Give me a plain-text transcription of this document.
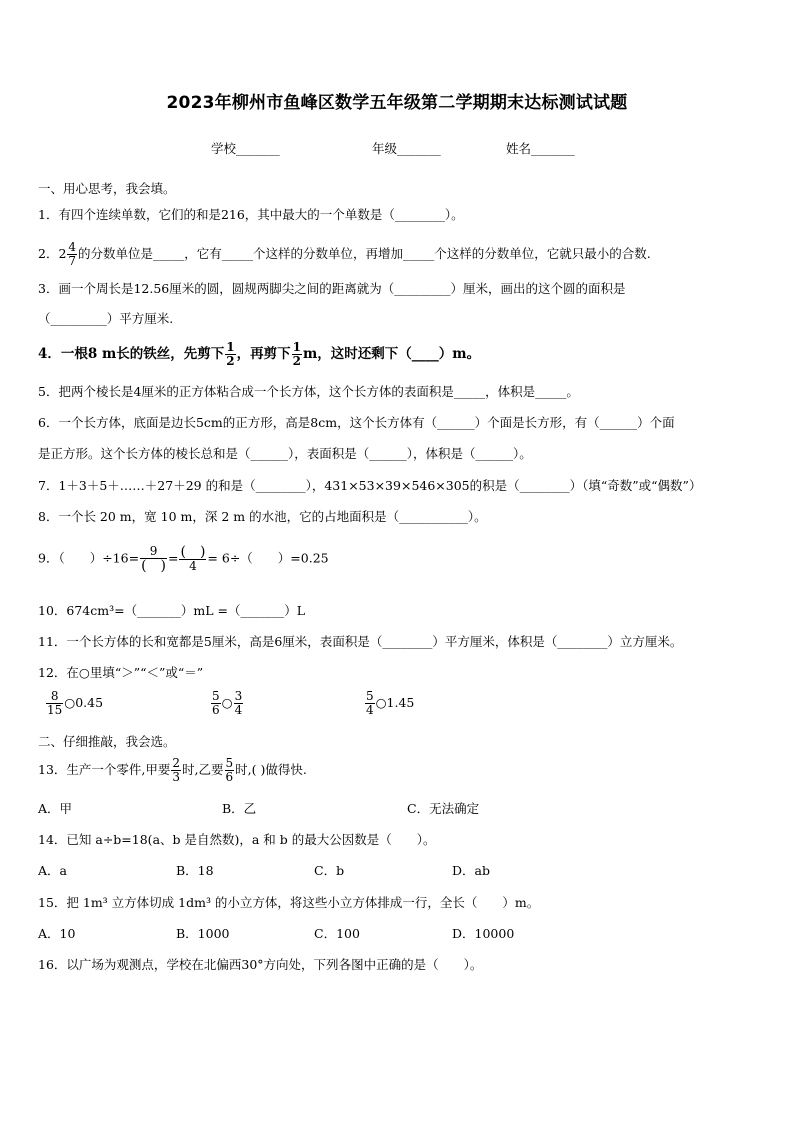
2023年柳州市鱼峰区数学五年级第二学期期末达标测试试题
学校_______	年级_______	姓名_______
一、用心思考，我会填。
1．有四个连续单数，它们的和是216，其中最大的一个单数是（________）。
2．$2 \frac{4}{7}$ 的分数单位是_____，它有_____个这样的分数单位，再增加_____个这样的分数单位，它就只最小的合数.
3．画一个周长是12.56厘米的圆，圆规两脚尖之间的距离就为（_________）厘米，画出的这个圆的面积是
（_________）平方厘米.
4．一根8 m长的铁丝，先剪下 $\frac{1}{2}$ ，再剪下 $\frac{1}{2}$ m，这时还剩下（____）m。
5．把两个棱长是4厘米的正方体粘合成一个长方体，这个长方体的表面积是_____，体积是_____。
6．一个长方体，底面是边长5cm的正方形，高是8cm，这个长方体有（______）个面是长方形，有（______）个面
是正方形。这个长方体的棱长总和是（______），表面积是（______），体积是（______）。
7．1＋3＋5＋……＋27＋29 的和是（________），431×53×39×546×305的积是（________）（填“奇数”或“偶数”）
8．一个长 20 m，宽 10 m，深 2 m 的水池，它的占地面积是（___________）。
9．（　　）$\div 16= \frac{9}{( )} = \frac{( )}{4} = 6\div$（　　）=0.25
10．674cm³=（_______）mL =（_______）L
11．一个长方体的长和宽都是5厘米，高是6厘米，表面积是（________）平方厘米，体积是（________）立方厘米。
12．在○里填“＞”“＜”或“＝”
$\frac{8}{15}$ ○0.45	$\frac{5}{6}$ ○ $\frac{3}{4}$	$\frac{5}{4}$ ○1.45
二、仔细推敲，我会选。
13．生产一个零件,甲要 $\frac{2}{3}$ 时,乙要 $\frac{5}{6}$ 时,( )做得快.
A．甲	B．乙	C．无法确定
14．已知 a÷b=18(a、b 是自然数)，a 和 b 的最大公因数是（　　）。
A．a	B．18	C．b	D．ab
15．把 1m³ 立方体切成 1dm³ 的小立方体，将这些小立方体排成一行，全长（　　）m。
A．10	B．1000	C．100	D．10000
16．以广场为观测点，学校在北偏西30°方向处，下列各图中正确的是（　　）。
